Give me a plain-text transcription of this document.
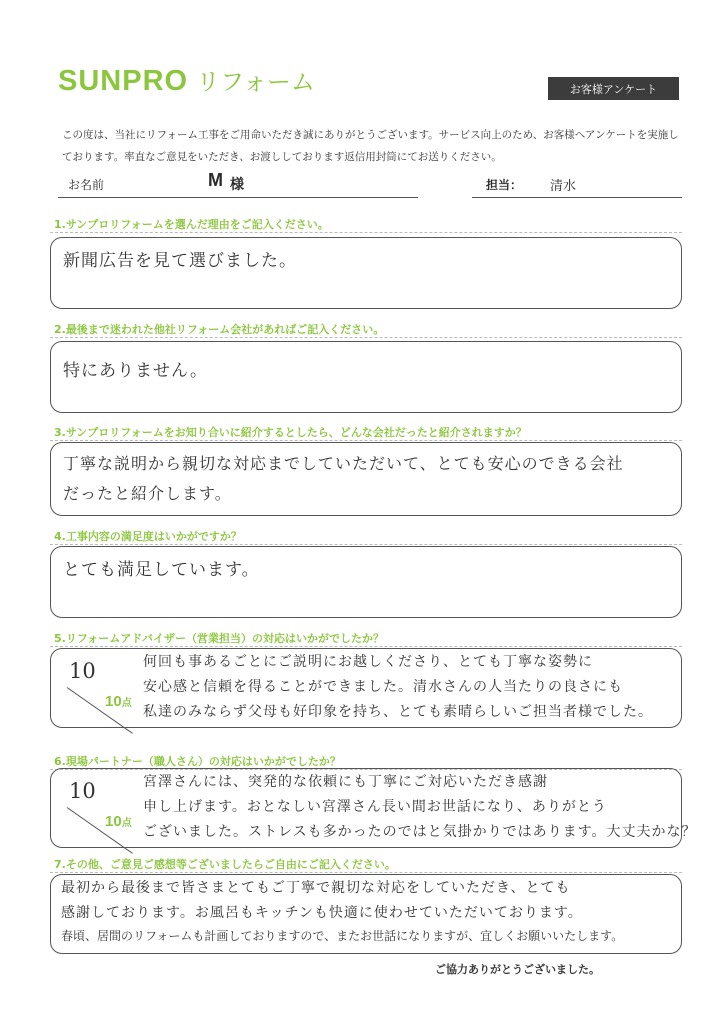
SUNPRO リフォーム	お客様アンケート
この度は、当社にリフォーム工事をご用命いただき誠にありがとうございます。サービス向上のため、お客様へアンケートを実施しております。率直なご意見をいただき、お渡ししております返信用封筒にてお送りください。
お名前	M 様	担当： 清水
1.サンプロリフォームを選んだ理由をご記入ください。
新聞広告を見て選びました。
2.最後まで迷われた他社リフォーム会社があればご記入ください。
特にありません。
3.サンプロリフォームをお知り合いに紹介するとしたら、どんな会社だったと紹介されますか？
丁寧な説明から親切な対応までしていただいて、とても安心のできる会社
だったと紹介します。
4.工事内容の満足度はいかがですか？
とても満足しています。
5.リフォームアドバイザー（営業担当）の対応はいかがでしたか？
10
10点
何回も事あるごとにご説明にお越しくださり、とても丁寧な姿勢に
安心感と信頼を得ることができました。清水さんの人当たりの良さにも
私達のみならず父母も好印象を持ち、とても素晴らしいご担当者様でした。
6.現場パートナー（職人さん）の対応はいかがでしたか？
10
10点
宮澤さんには、突発的な依頼にも丁寧にご対応いただき感謝
申し上げます。おとなしい宮澤さん長い間お世話になり、ありがとう
ございました。ストレスも多かったのではと気掛かりではあります。大丈夫かな？
7.その他、ご意見ご感想等ございましたらご自由にご記入ください。
最初から最後まで皆さまとてもご丁寧で親切な対応をしていただき、とても
感謝しております。お風呂もキッチンも快適に使わせていただいております。
春頃、居間のリフォームも計画しておりますので、またお世話になりますが、宜しくお願いいたします。
ご協力ありがとうございました。
